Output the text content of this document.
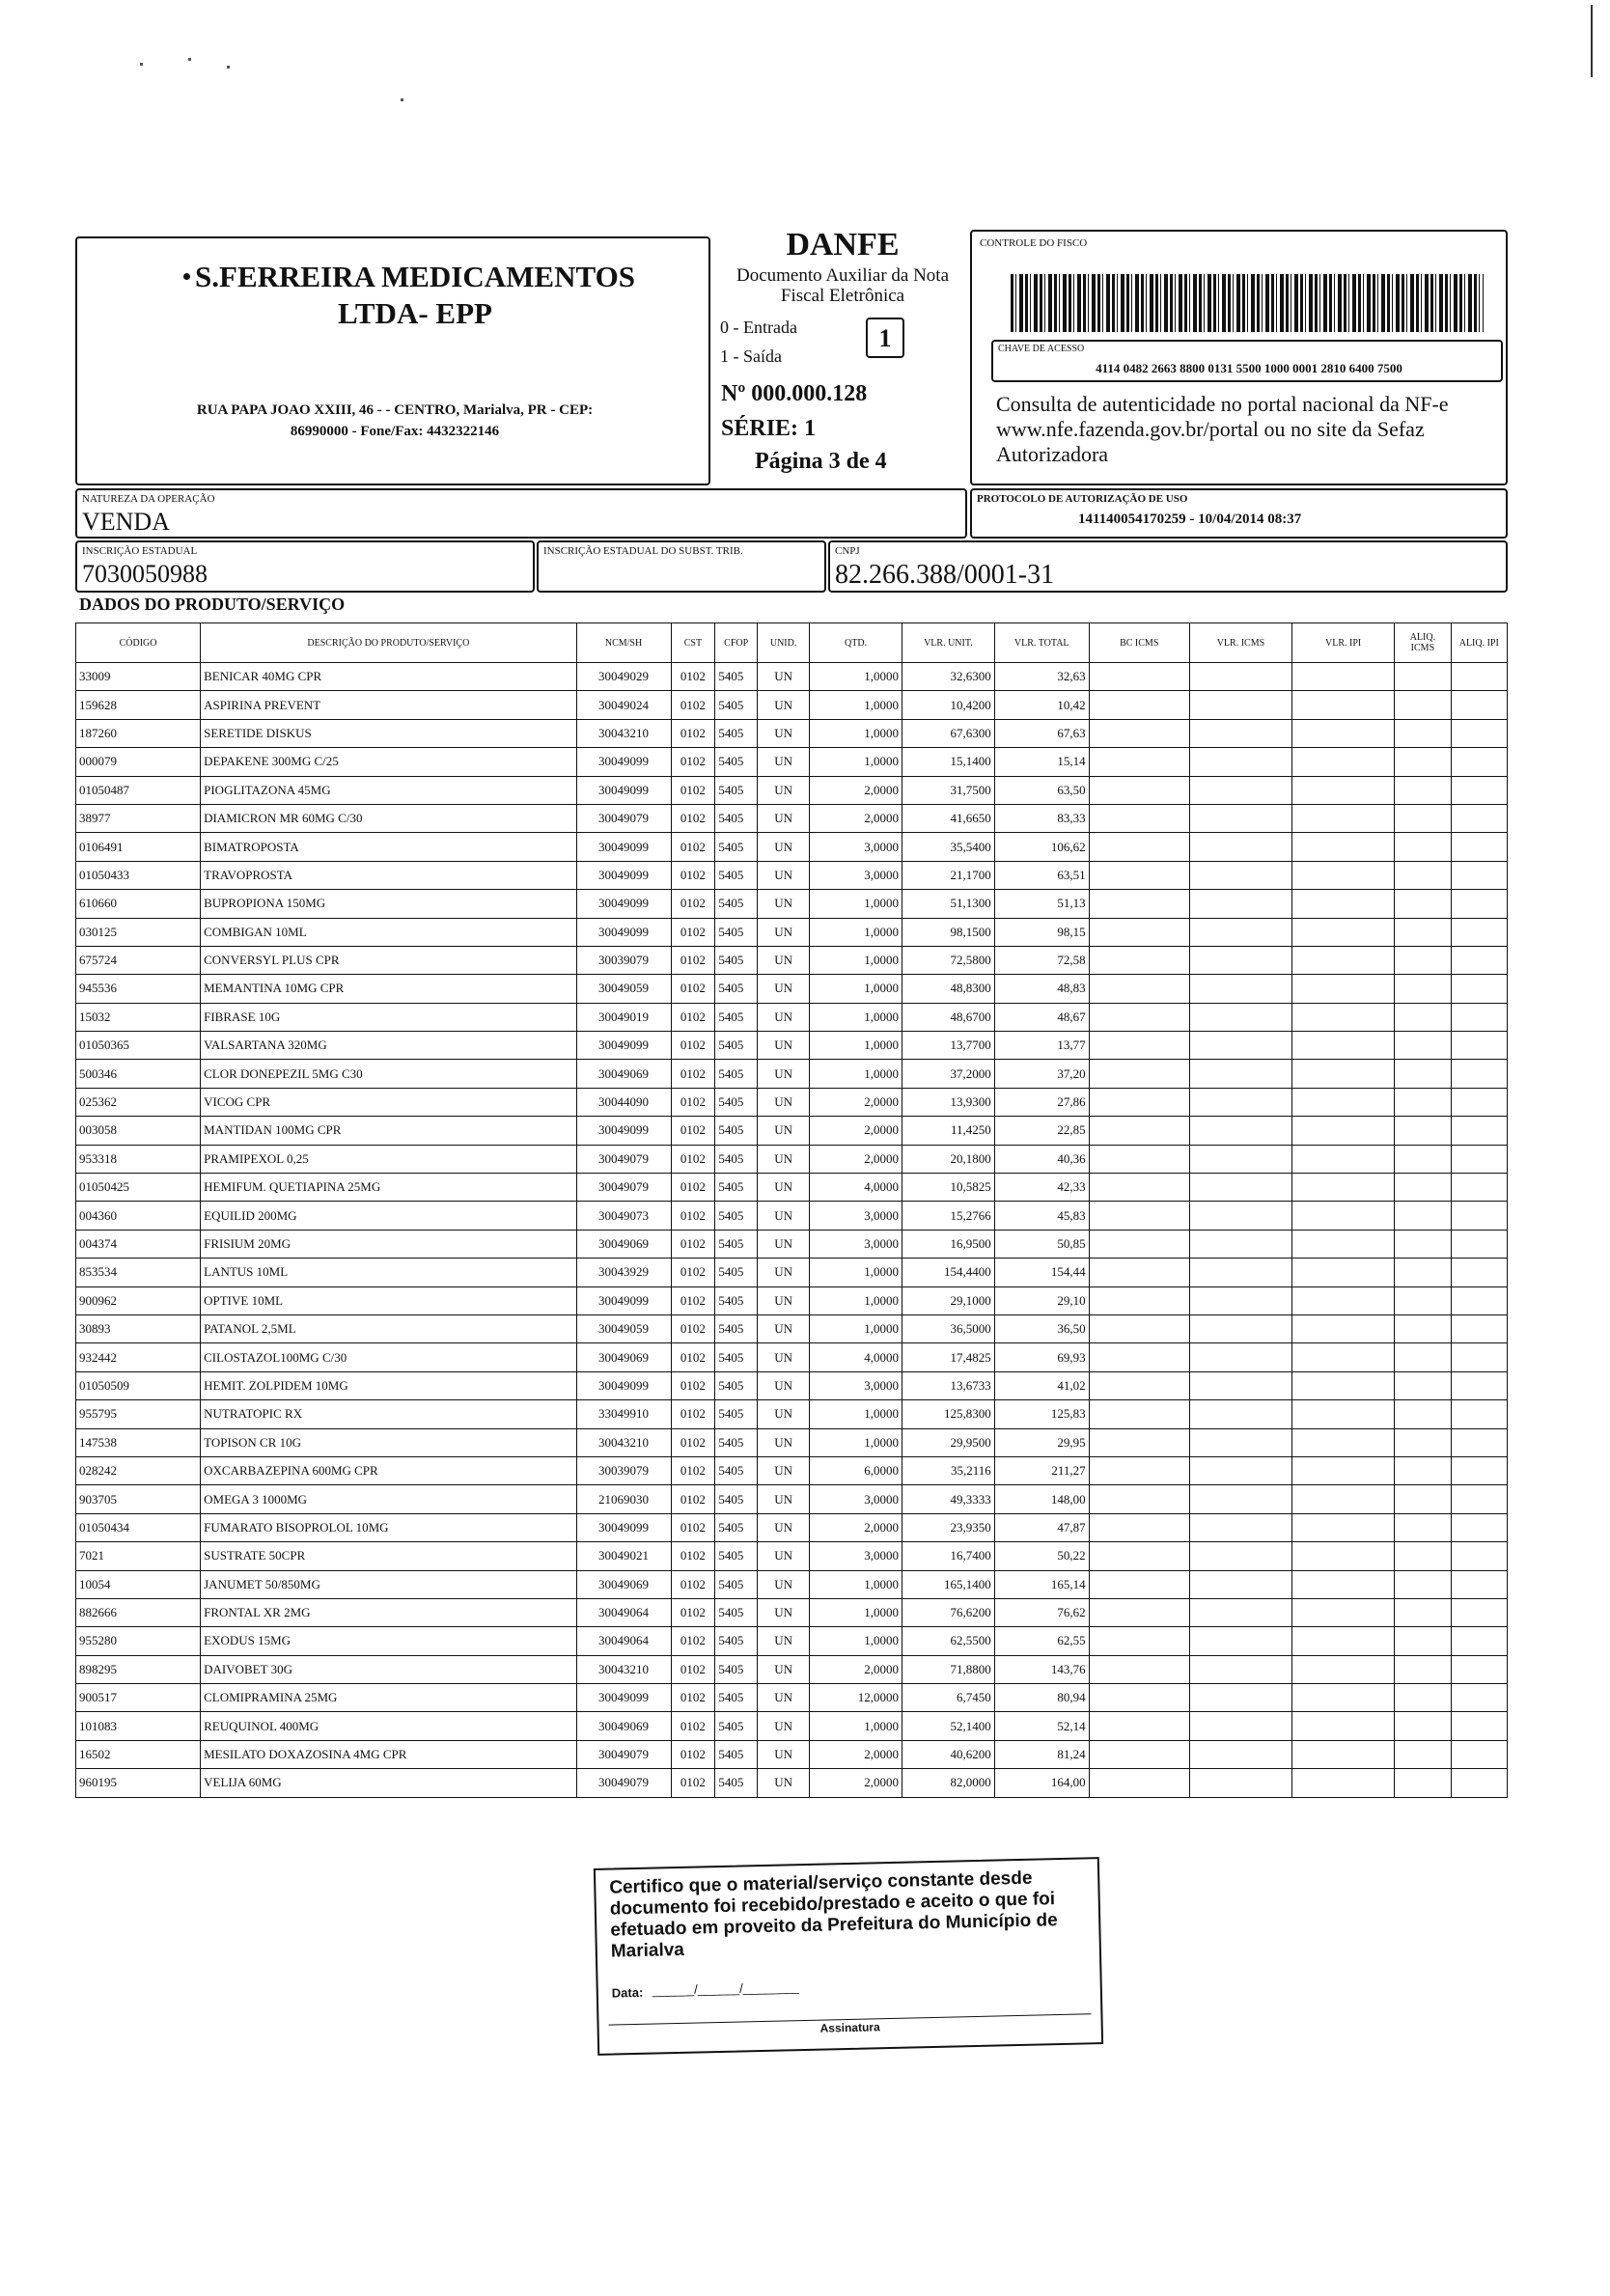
S.FERREIRA MEDICAMENTOS
LTDA- EPP
RUA PAPA JOAO XXIII, 46 - - CENTRO, Marialva, PR - CEP:
86990000 - Fone/Fax: 4432322146
DANFE
Documento Auxiliar da Nota
Fiscal Eletrônica
0 - Entrada
1 - Saída
1
Nº 000.000.128
SÉRIE: 1
Página 3 de 4
CONTROLE DO FISCO
CHAVE DE ACESSO
4114 0482 2663 8800 0131 5500 1000 0001 2810 6400 7500
Consulta de autenticidade no portal nacional da NF-e www.nfe.fazenda.gov.br/portal ou no site da Sefaz Autorizadora
NATUREZA DA OPERAÇÃO
VENDA
PROTOCOLO DE AUTORIZAÇÃO DE USO
141140054170259 - 10/04/2014 08:37
INSCRIÇÃO ESTADUAL
7030050988
INSCRIÇÃO ESTADUAL DO SUBST. TRIB.	CNPJ
82.266.388/0001-31
DADOS DO PRODUTO/SERVIÇO
CÓDIGO	DESCRIÇÃO DO PRODUTO/SERVIÇO	NCM/SH	CST	CFOP	UNID.	QTD.	VLR. UNIT.	VLR. TOTAL	BC ICMS	VLR. ICMS	VLR. IPI	ALIQ. ICMS	ALIQ. IPI
33009	BENICAR 40MG CPR	30049029	0102	5405	UN	1,0000	32,6300	32,63					
159628	ASPIRINA PREVENT	30049024	0102	5405	UN	1,0000	10,4200	10,42					
187260	SERETIDE DISKUS	30043210	0102	5405	UN	1,0000	67,6300	67,63					
000079	DEPAKENE 300MG C/25	30049099	0102	5405	UN	1,0000	15,1400	15,14					
01050487	PIOGLITAZONA 45MG	30049099	0102	5405	UN	2,0000	31,7500	63,50					
38977	DIAMICRON MR 60MG C/30	30049079	0102	5405	UN	2,0000	41,6650	83,33					
0106491	BIMATROPOSTA	30049099	0102	5405	UN	3,0000	35,5400	106,62					
01050433	TRAVOPROSTA	30049099	0102	5405	UN	3,0000	21,1700	63,51					
610660	BUPROPIONA 150MG	30049099	0102	5405	UN	1,0000	51,1300	51,13					
030125	COMBIGAN 10ML	30049099	0102	5405	UN	1,0000	98,1500	98,15					
675724	CONVERSYL PLUS CPR	30039079	0102	5405	UN	1,0000	72,5800	72,58					
945536	MEMANTINA 10MG CPR	30049059	0102	5405	UN	1,0000	48,8300	48,83					
15032	FIBRASE 10G	30049019	0102	5405	UN	1,0000	48,6700	48,67					
01050365	VALSARTANA 320MG	30049099	0102	5405	UN	1,0000	13,7700	13,77					
500346	CLOR DONEPEZIL 5MG C30	30049069	0102	5405	UN	1,0000	37,2000	37,20					
025362	VICOG CPR	30044090	0102	5405	UN	2,0000	13,9300	27,86					
003058	MANTIDAN 100MG CPR	30049099	0102	5405	UN	2,0000	11,4250	22,85					
953318	PRAMIPEXOL 0,25	30049079	0102	5405	UN	2,0000	20,1800	40,36					
01050425	HEMIFUM. QUETIAPINA 25MG	30049079	0102	5405	UN	4,0000	10,5825	42,33					
004360	EQUILID 200MG	30049073	0102	5405	UN	3,0000	15,2766	45,83					
004374	FRISIUM 20MG	30049069	0102	5405	UN	3,0000	16,9500	50,85					
853534	LANTUS 10ML	30043929	0102	5405	UN	1,0000	154,4400	154,44					
900962	OPTIVE 10ML	30049099	0102	5405	UN	1,0000	29,1000	29,10					
30893	PATANOL 2,5ML	30049059	0102	5405	UN	1,0000	36,5000	36,50					
932442	CILOSTAZOL100MG C/30	30049069	0102	5405	UN	4,0000	17,4825	69,93					
01050509	HEMIT. ZOLPIDEM 10MG	30049099	0102	5405	UN	3,0000	13,6733	41,02					
955795	NUTRATOPIC RX	33049910	0102	5405	UN	1,0000	125,8300	125,83					
147538	TOPISON CR 10G	30043210	0102	5405	UN	1,0000	29,9500	29,95					
028242	OXCARBAZEPINA 600MG CPR	30039079	0102	5405	UN	6,0000	35,2116	211,27					
903705	OMEGA 3 1000MG	21069030	0102	5405	UN	3,0000	49,3333	148,00					
01050434	FUMARATO BISOPROLOL 10MG	30049099	0102	5405	UN	2,0000	23,9350	47,87					
7021	SUSTRATE 50CPR	30049021	0102	5405	UN	3,0000	16,7400	50,22					
10054	JANUMET 50/850MG	30049069	0102	5405	UN	1,0000	165,1400	165,14					
882666	FRONTAL XR 2MG	30049064	0102	5405	UN	1,0000	76,6200	76,62					
955280	EXODUS 15MG	30049064	0102	5405	UN	1,0000	62,5500	62,55					
898295	DAIVOBET 30G	30043210	0102	5405	UN	2,0000	71,8800	143,76					
900517	CLOMIPRAMINA 25MG	30049099	0102	5405	UN	12,0000	6,7450	80,94					
101083	REUQUINOL 400MG	30049069	0102	5405	UN	1,0000	52,1400	52,14					
16502	MESILATO DOXAZOSINA 4MG CPR	30049079	0102	5405	UN	2,0000	40,6200	81,24					
960195	VELIJA 60MG	30049079	0102	5405	UN	2,0000	82,0000	164,00					
Certifico que o material/serviço constante desde documento foi recebido/prestado e aceito o que foi efetuado em proveito da Prefeitura do Município de Marialva
Data: ______/______/________
Assinatura
